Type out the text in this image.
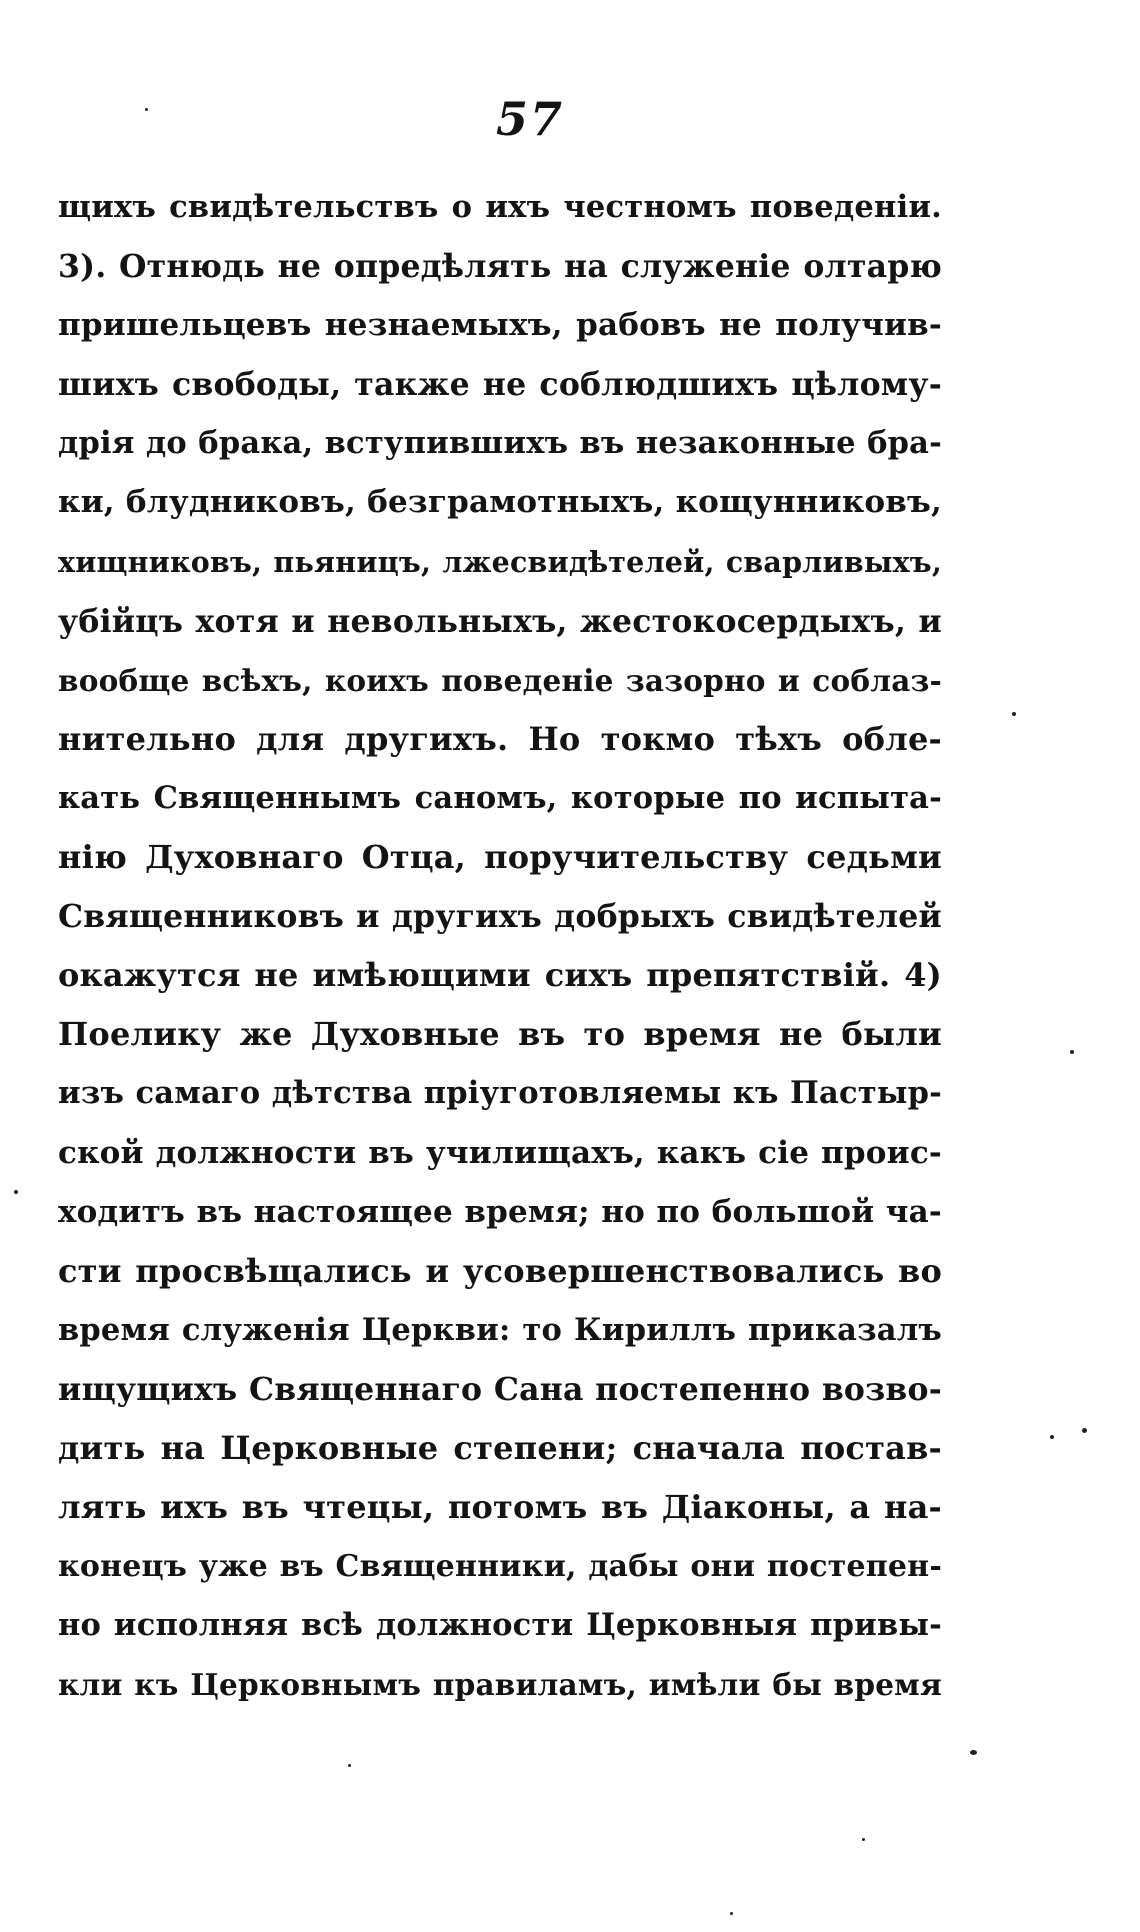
57
щихъ свидѣтельствъ о ихъ честномъ поведеніи.
3). Отнюдь не опредѣлять на служеніе олтарю
пришельцевъ незнаемыхъ, рабовъ не получив-
шихъ свободы, также не соблюдшихъ цѣлому-
дрія до брака, вступившихъ въ незаконные бра-
ки, блудниковъ, безграмотныхъ, кощунниковъ,
хищниковъ, пьяницъ, лжесвидѣтелей, сварливыхъ,
убійцъ хотя и невольныхъ, жестокосердыхъ, и
вообще всѣхъ, коихъ поведеніе зазорно и соблаз-
нительно для другихъ. Но токмо тѣхъ обле-
кать Священнымъ саномъ, которые по испыта-
нію Духовнаго Отца, поручительству седьми
Священниковъ и другихъ добрыхъ свидѣтелей
окажутся не имѣющими сихъ препятствій. 4)
Поелику же Духовные въ то время не были
изъ самаго дѣтства пріуготовляемы къ Пастыр-
ской должности въ училищахъ, какъ сіе проис-
ходитъ въ настоящее время; но по большой ча-
сти просвѣщались и усовершенствовались во
время служенія Церкви: то Кириллъ приказалъ
ищущихъ Священнаго Сана постепенно возво-
дить на Церковные степени; сначала постав-
лять ихъ въ чтецы, потомъ въ Діаконы, а на-
конецъ уже въ Священники, дабы они постепен-
но исполняя всѣ должности Церковныя привы-
кли къ Церковнымъ правиламъ, имѣли бы время
